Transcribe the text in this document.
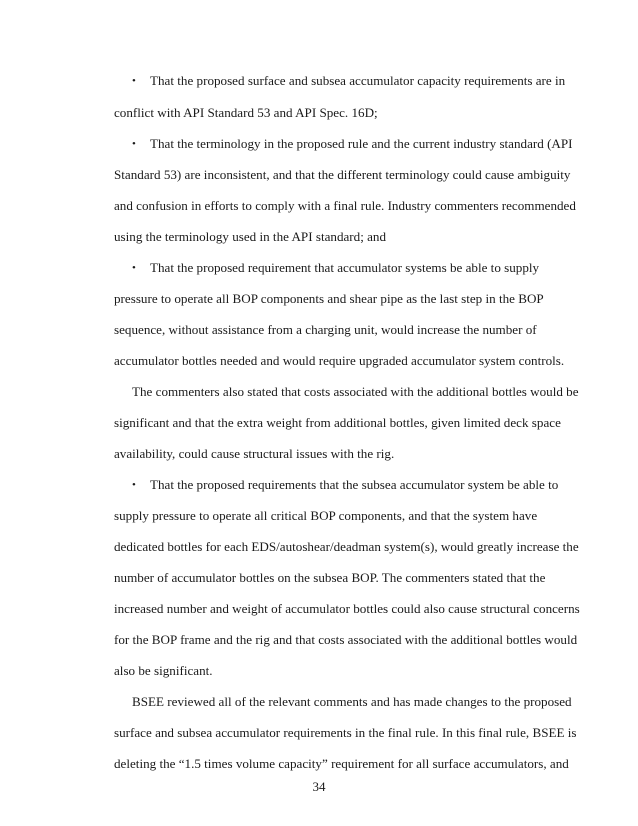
• That the proposed surface and subsea accumulator capacity requirements are in
conflict with API Standard 53 and API Spec. 16D;
• That the terminology in the proposed rule and the current industry standard (API
Standard 53) are inconsistent, and that the different terminology could cause ambiguity
and confusion in efforts to comply with a final rule. Industry commenters recommended
using the terminology used in the API standard; and
• That the proposed requirement that accumulator systems be able to supply
pressure to operate all BOP components and shear pipe as the last step in the BOP
sequence, without assistance from a charging unit, would increase the number of
accumulator bottles needed and would require upgraded accumulator system controls.
The commenters also stated that costs associated with the additional bottles would be
significant and that the extra weight from additional bottles, given limited deck space
availability, could cause structural issues with the rig.
• That the proposed requirements that the subsea accumulator system be able to
supply pressure to operate all critical BOP components, and that the system have
dedicated bottles for each EDS/autoshear/deadman system(s), would greatly increase the
number of accumulator bottles on the subsea BOP. The commenters stated that the
increased number and weight of accumulator bottles could also cause structural concerns
for the BOP frame and the rig and that costs associated with the additional bottles would
also be significant.
BSEE reviewed all of the relevant comments and has made changes to the proposed
surface and subsea accumulator requirements in the final rule. In this final rule, BSEE is
deleting the “1.5 times volume capacity” requirement for all surface accumulators, and
34
